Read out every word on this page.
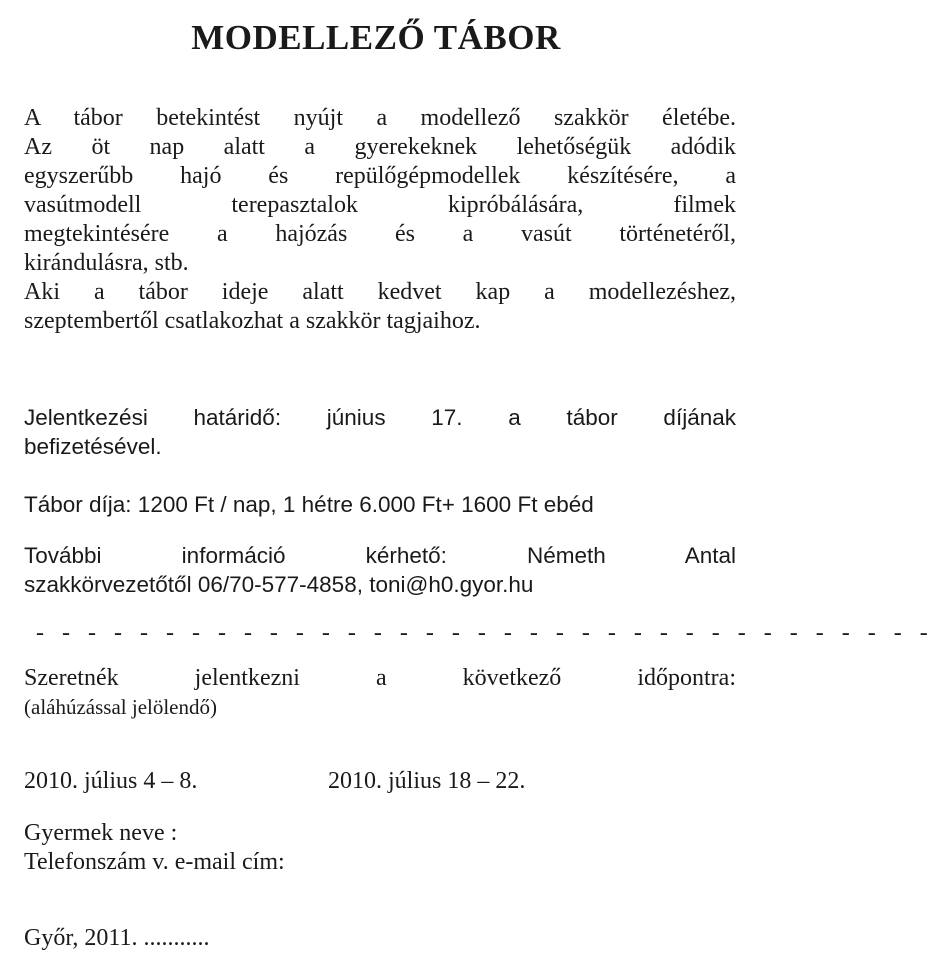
MODELLEZŐ TÁBOR
A tábor betekintést nyújt a modellező szakkör életébe.
Az öt nap alatt a gyerekeknek lehetőségük adódik
egyszerűbb hajó és repülőgépmodellek készítésére, a
vasútmodell terepasztalok kipróbálására, filmek
megtekintésére a hajózás és a vasút történetéről,
kirándulásra, stb.
Aki a tábor ideje alatt kedvet kap a modellezéshez,
szeptembertől csatlakozhat a szakkör tagjaihoz.
Jelentkezési határidő: június 17. a tábor díjának
befizetésével.
Tábor díja: 1200 Ft / nap, 1 hétre 6.000 Ft+ 1600 Ft ebéd
További információ kérhető: Németh Antal
szakkörvezetőtől 06/70-577-4858, toni@h0.gyor.hu
- - - - - - - - - - - - - - - - - - - - - - - - - - - - - - - - - - -
Szeretnék jelentkezni a következő időpontra:
(aláhúzással jelölendő)
2010. július 4 – 8.	2010. július 18 – 22.
Gyermek neve :
Telefonszám v. e-mail cím:
Győr, 2011. ...........
